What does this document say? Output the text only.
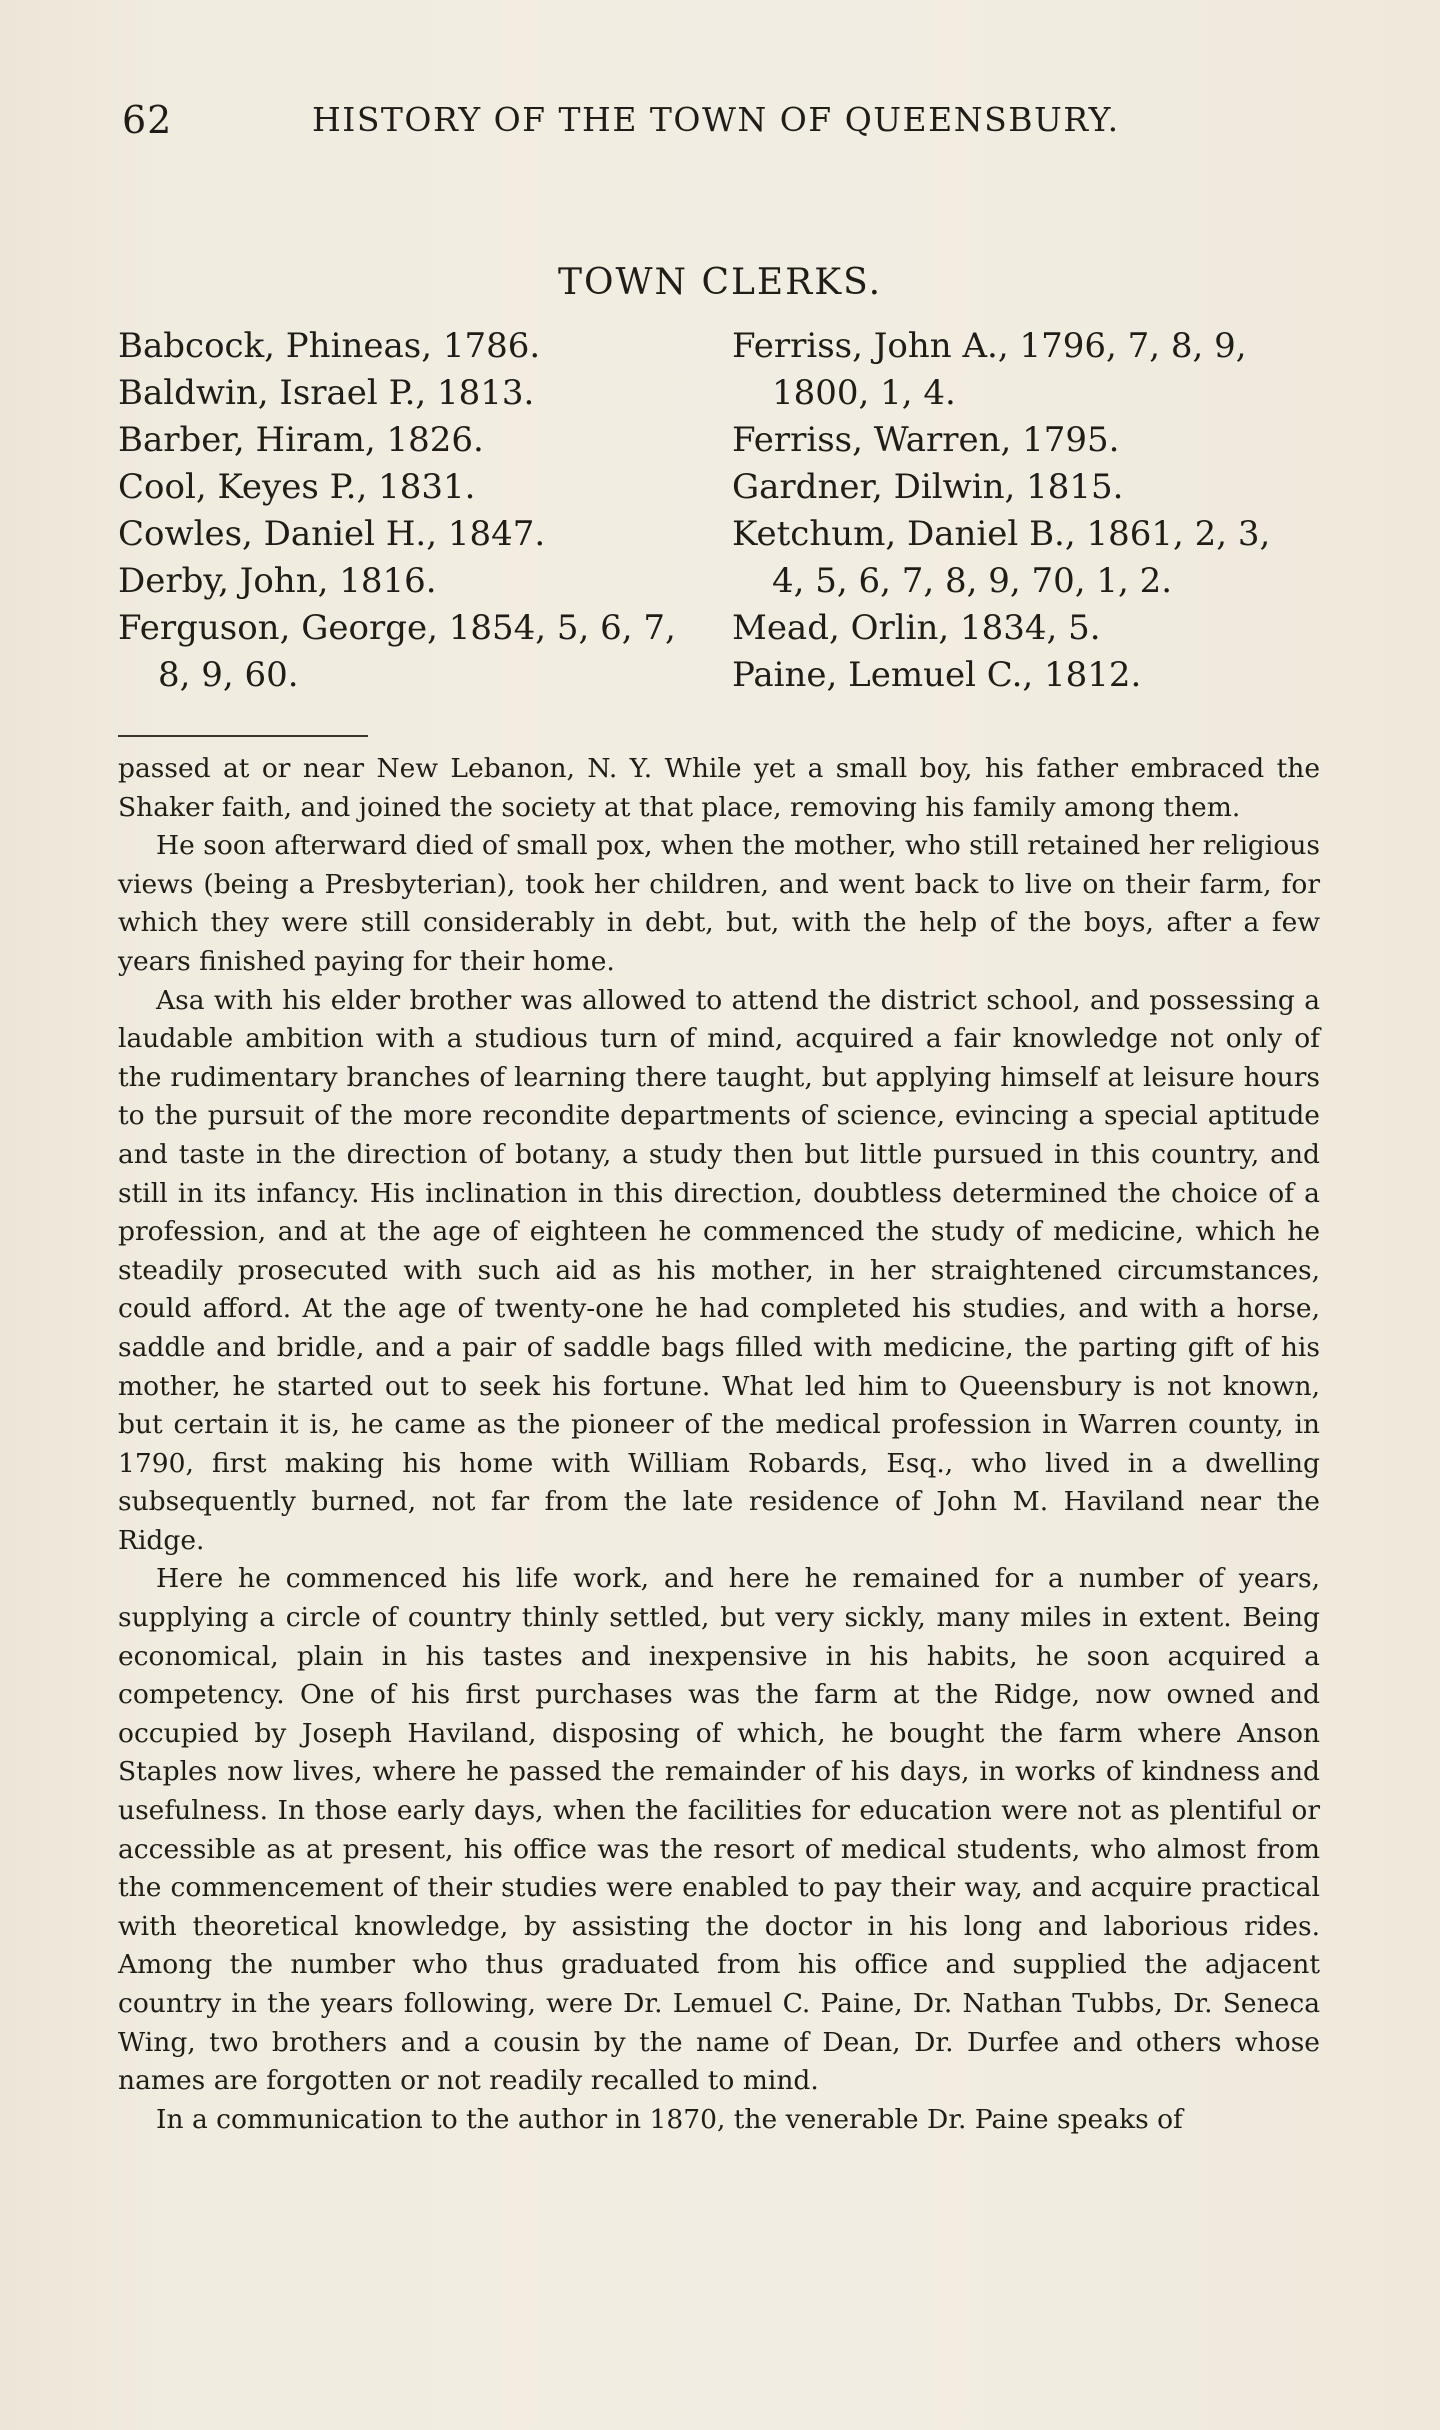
62	HISTORY OF THE TOWN OF QUEENSBURY.
TOWN CLERKS.
Babcock, Phineas, 1786.
Baldwin, Israel P., 1813.
Barber, Hiram, 1826.
Cool, Keyes P., 1831.
Cowles, Daniel H., 1847.
Derby, John, 1816.
Ferguson, George, 1854, 5, 6, 7,
8, 9, 60.
Ferriss, John A., 1796, 7, 8, 9,
1800, 1, 4.
Ferriss, Warren, 1795.
Gardner, Dilwin, 1815.
Ketchum, Daniel B., 1861, 2, 3,
4, 5, 6, 7, 8, 9, 70, 1, 2.
Mead, Orlin, 1834, 5.
Paine, Lemuel C., 1812.

passed at or near New Lebanon, N. Y. While yet a small boy, his father embraced the Shaker faith, and joined the society at that place, removing his family among them.

He soon afterward died of small pox, when the mother, who still retained her religious views (being a Presbyterian), took her children, and went back to live on their farm, for which they were still considerably in debt, but, with the help of the boys, after a few years finished paying for their home.

Asa with his elder brother was allowed to attend the district school, and possessing a laudable ambition with a studious turn of mind, acquired a fair knowledge not only of the rudimentary branches of learning there taught, but applying himself at leisure hours to the pursuit of the more recondite departments of science, evincing a special aptitude and taste in the direction of botany, a study then but little pursued in this country, and still in its infancy. His inclination in this direction, doubtless determined the choice of a profession, and at the age of eighteen he commenced the study of medicine, which he steadily prosecuted with such aid as his mother, in her straightened circumstances, could afford. At the age of twenty-one he had completed his studies, and with a horse, saddle and bridle, and a pair of saddle bags filled with medicine, the parting gift of his mother, he started out to seek his fortune. What led him to Queensbury is not known, but certain it is, he came as the pioneer of the medical profession in Warren county, in 1790, first making his home with William Robards, Esq., who lived in a dwelling subsequently burned, not far from the late residence of John M. Haviland near the Ridge.

Here he commenced his life work, and here he remained for a number of years, supplying a circle of country thinly settled, but very sickly, many miles in extent. Being economical, plain in his tastes and inexpensive in his habits, he soon acquired a competency. One of his first purchases was the farm at the Ridge, now owned and occupied by Joseph Haviland, disposing of which, he bought the farm where Anson Staples now lives, where he passed the remainder of his days, in works of kindness and usefulness. In those early days, when the facilities for education were not as plentiful or accessible as at present, his office was the resort of medical students, who almost from the commencement of their studies were enabled to pay their way, and acquire practical with theoretical knowledge, by assisting the doctor in his long and laborious rides. Among the number who thus graduated from his office and supplied the adjacent country in the years following, were Dr. Lemuel C. Paine, Dr. Nathan Tubbs, Dr. Seneca Wing, two brothers and a cousin by the name of Dean, Dr. Durfee and others whose names are forgotten or not readily recalled to mind.

In a communication to the author in 1870, the venerable Dr. Paine speaks of
